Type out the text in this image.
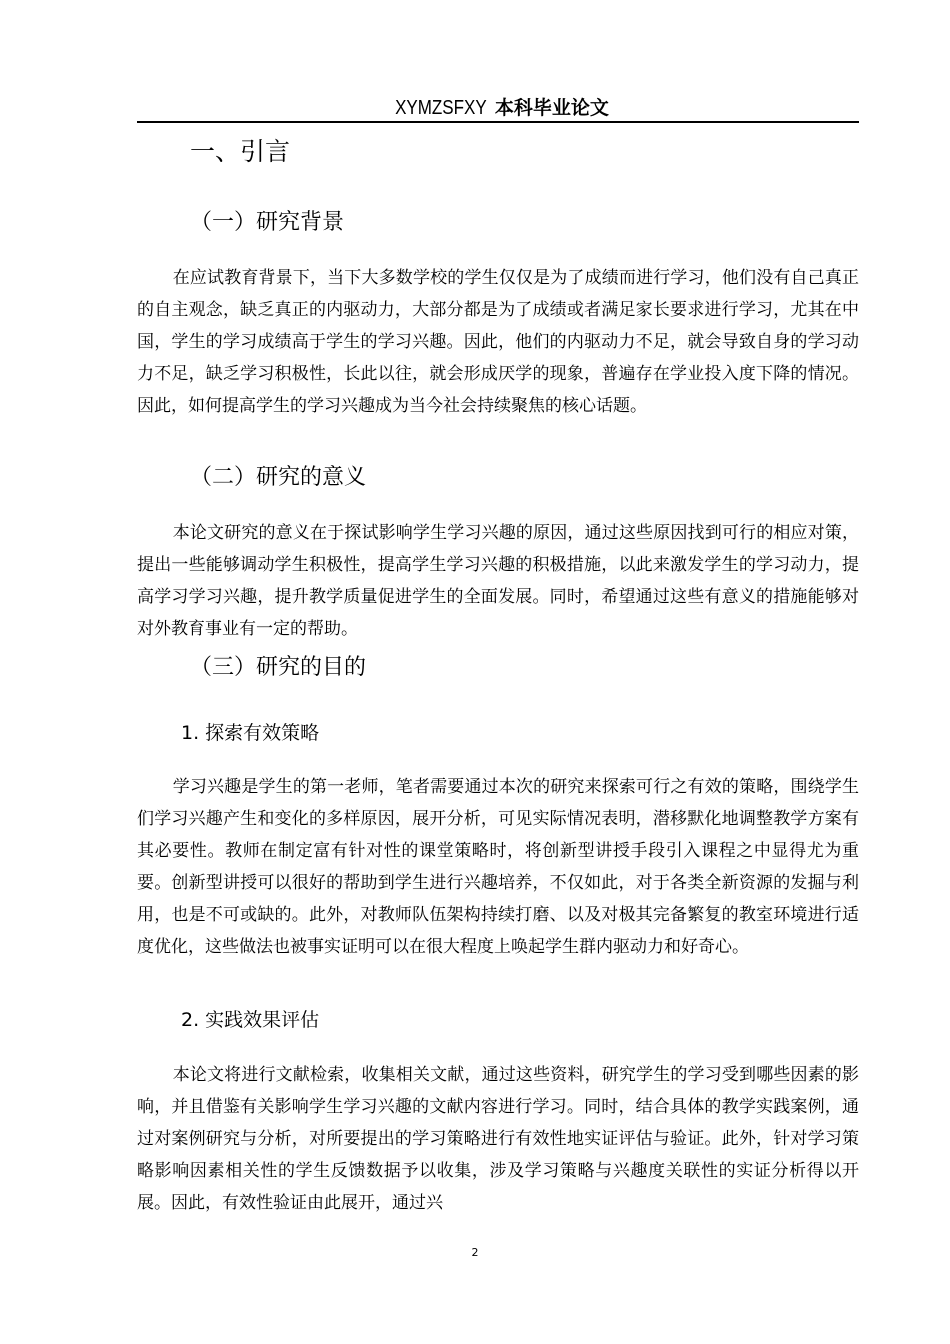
XYMZSFXY 本科毕业论文
一、引言
（一）研究背景

在应试教育背景下，当下大多数学校的学生仅仅是为了成绩而进行学习，他们没有自己真正的自主观念，缺乏真正的内驱动力，大部分都是为了成绩或者满足家长要求进行学习，尤其在中国，学生的学习成绩高于学生的学习兴趣。因此，他们的内驱动力不足，就会导致自身的学习动力不足，缺乏学习积极性，长此以往，就会形成厌学的现象，普遍存在学业投入度下降的情况。因此，如何提高学生的学习兴趣成为当今社会持续聚焦的核心话题。

（二）研究的意义

本论文研究的意义在于探试影响学生学习兴趣的原因，通过这些原因找到可行的相应对策，提出一些能够调动学生积极性，提高学生学习兴趣的积极措施，以此来激发学生的学习动力，提高学习学习兴趣，提升教学质量促进学生的全面发展。同时，希望通过这些有意义的措施能够对对外教育事业有一定的帮助。

（三）研究的目的
1. 探索有效策略

学习兴趣是学生的第一老师，笔者需要通过本次的研究来探索可行之有效的策略，围绕学生们学习兴趣产生和变化的多样原因，展开分析，可见实际情况表明，潜移默化地调整教学方案有其必要性。教师在制定富有针对性的课堂策略时，将创新型讲授手段引入课程之中显得尤为重要。创新型讲授可以很好的帮助到学生进行兴趣培养，不仅如此，对于各类全新资源的发掘与利用，也是不可或缺的。此外，对教师队伍架构持续打磨、以及对极其完备繁复的教室环境进行适度优化，这些做法也被事实证明可以在很大程度上唤起学生群内驱动力和好奇心。

2. 实践效果评估

本论文将进行文献检索，收集相关文献，通过这些资料，研究学生的学习受到哪些因素的影响，并且借鉴有关影响学生学习兴趣的文献内容进行学习。同时，结合具体的教学实践案例，通过对案例研究与分析，对所要提出的学习策略进行有效性地实证评估与验证。此外，针对学习策略影响因素相关性的学生反馈数据予以收集，涉及学习策略与兴趣度关联性的实证分析得以开展。因此，有效性验证由此展开，通过兴

2
